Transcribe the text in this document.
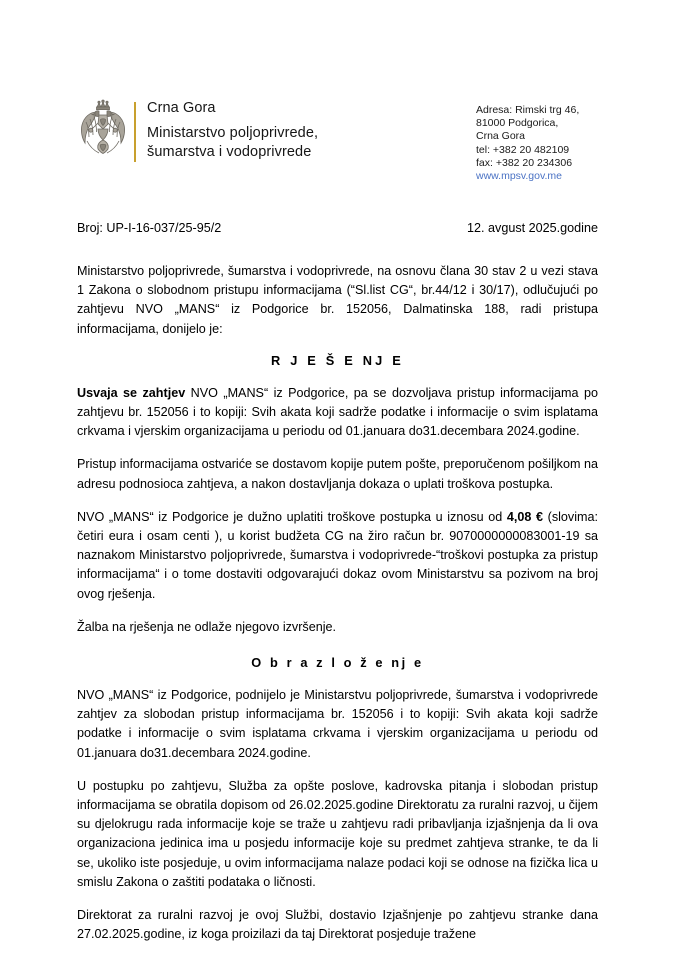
Crna Gora
Ministarstvo poljoprivrede,
šumarstva i vodoprivrede
Adresa: Rimski trg 46,
81000 Podgorica,
Crna Gora
tel: +382 20 482109
fax: +382 20 234306
www.mpsv.gov.me
Broj: UP-I-16-037/25-95/2	12. avgust 2025.godine

Ministarstvo poljoprivrede, šumarstva i vodoprivrede, na osnovu člana 30 stav 2 u vezi stava 1 Zakona o slobodnom pristupu informacijama (“Sl.list CG“, br.44/12 i 30/17), odlučujući po zahtjevu NVO „MANS“ iz Podgorice br. 152056, Dalmatinska 188, radi pristupa informacijama, donijelo je:

R J E Š E NJ E

Usvaja se zahtjev NVO „MANS“ iz Podgorice, pa se dozvoljava pristup informacijama po zahtjevu br. 152056 i to kopiji: Svih akata koji sadrže podatke i informacije o svim isplatama crkvama i vjerskim organizacijama u periodu od 01.januara do31.decembara 2024.godine.

Pristup informacijama ostvariće se dostavom kopije putem pošte, preporučenom pošiljkom na adresu podnosioca zahtjeva, a nakon dostavljanja dokaza o uplati troškova postupka.

NVO „MANS“ iz Podgorice je dužno uplatiti troškove postupka u iznosu od 4,08 € (slovima: četiri eura i osam centi ), u korist budžeta CG na žiro račun br. 9070000000083001-19 sa naznakom Ministarstvo poljoprivrede, šumarstva i vodoprivrede-“troškovi postupka za pristup informacijama“ i o tome dostaviti odgovarajući dokaz ovom Ministarstvu sa pozivom na broj ovog rješenja.

Žalba na rješenja ne odlaže njegovo izvršenje.

O b r a z l o ž e nj e

NVO „MANS“ iz Podgorice, podnijelo je Ministarstvu poljoprivrede, šumarstva i vodoprivrede zahtjev za slobodan pristup informacijama br. 152056 i to kopiji: Svih akata koji sadrže podatke i informacije o svim isplatama crkvama i vjerskim organizacijama u periodu od 01.januara do31.decembara 2024.godine.

U postupku po zahtjevu, Služba za opšte poslove, kadrovska pitanja i slobodan pristup informacijama se obratila dopisom od 26.02.2025.godine Direktoratu za ruralni razvoj, u čijem su djelokrugu rada informacije koje se traže u zahtjevu radi pribavljanja izjašnjenja da li ova organizaciona jedinica ima u posjedu informacije koje su predmet zahtjeva stranke, te da li se, ukoliko iste posjeduje, u ovim informacijama nalaze podaci koji se odnose na fizička lica u smislu Zakona o zaštiti podataka o ličnosti.

Direktorat za ruralni razvoj je ovoj Službi, dostavio Izjašnjenje po zahtjevu stranke dana 27.02.2025.godine, iz koga proizilazi da taj Direktorat posjeduje tražene
